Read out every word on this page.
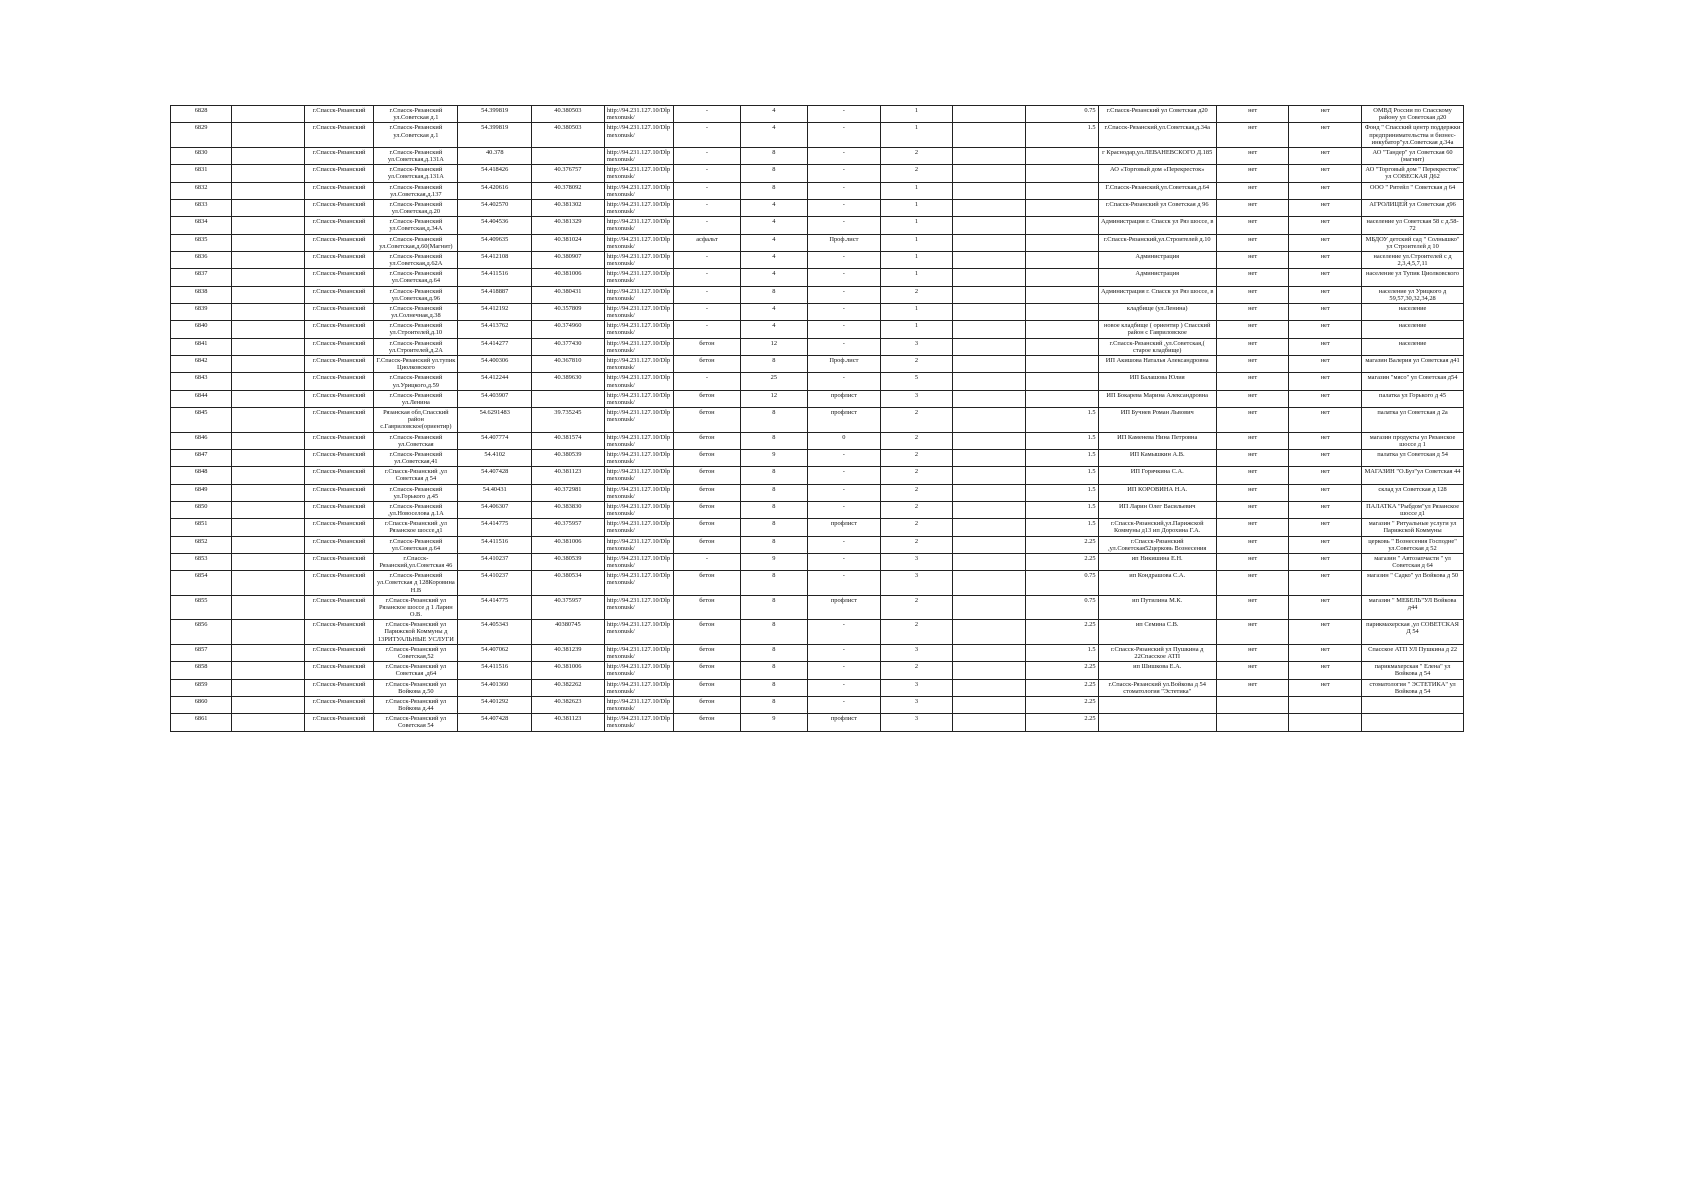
6828		г.Спасск-Рязанский	г.Спасск-Рязанский ул.Советская д.1	54.399819	40.380503	http://94.231.127.10/Dlpmexonusk/	-	4	-	1		0.75	г.Спасск-Рязанский ул Советская д20	нет	нет	ОМВД России по Спасскому району ул Советская д20
6829		г.Спасск-Рязанский	г.Спасск-Рязанский ул.Советская д.1	54.399819	40.380503	http://94.231.127.10/Dlpmexonusk/	-	4	-	1		1.5	г.Спасск-Рязанский,ул.Советская,д.34а	нет	нет	Фонд " Спасский центр поддержки предпринимательства и бизнес-инкубатор"ул.Советская д.34а
6830		г.Спасск-Рязанский	г.Спасск-Рязанский ул.Советская,д.131А	40.378		http://94.231.127.10/Dlpmexonusk/	-	8	-	2			г Краснодар,ул.ЛЕВАНЕВСКОГО Д.185	нет	нет	АО "Тандер" ул Советская 60 (магнит)
6831		г.Спасск-Рязанский	г.Спасск-Рязанский ул.Советская,д.131А	54.418426	40.376757	http://94.231.127.10/Dlpmexonusk/	-	8	-	2			АО «Торговый дом «Перекресток»	нет	нет	АО "Торговый дом " Перекресток" ул СОВЕСКАЯ Д62
6832		г.Спасск-Рязанский	г.Спасск-Рязанский ул.Советская,д.137	54.420616	40.378092	http://94.231.127.10/Dlpmexonusk/	-	8	-	1			Г.Спасск-Рязанский,ул.Советская,д.64	нет	нет	ООО " Ритейл " Советская д 64
6833		г.Спасск-Рязанский	г.Спасск-Рязанский ул.Советская,д.20	54.402570	40.381302	http://94.231.127.10/Dlpmexonusk/	-	4	-	1			г.Спасск-Рязанский ул Советская д 96	нет	нет	АГРОЛИЦЕЙ ул Советская д96
6834		г.Спасск-Рязанский	г.Спасск-Рязанский ул.Советская,д.34А	54.404536	40.381329	http://94.231.127.10/Dlpmexonusk/	-	4	-	1			Администрация г. Спасск ул Ряз шоссе, в	нет	нет	население ул Советская 58 с д.58-72
6835		г.Спасск-Рязанский	г.Спасск-Рязанский ул.Советская,д.60(Магнит)	54.409635	40.381024	http://94.231.127.10/Dlpmexonusk/	асфальт	4	Проф.лист	1			г.Спасск-Рязанский,ул.Строителей д.10	нет	нет	МБДОУ детский сад " Солнышко" ул Строителей д 10
6836		г.Спасск-Рязанский	г.Спасск-Рязанский ул.Советская,д.62А	54.412108	40.380907	http://94.231.127.10/Dlpmexonusk/	-	4	-	1			Администрация	нет	нет	население ул.Строителей с д 2,3,4,5,7,11
6837		г.Спасск-Рязанский	г.Спасск-Рязанский ул.Советская,д.64	54.411516	40.381006	http://94.231.127.10/Dlpmexonusk/	-	4	-	1			Администрация	нет	нет	население ул Тупик Циолковского
6838		г.Спасск-Рязанский	г.Спасск-Рязанский ул.Советская,д.96	54.418887	40.380431	http://94.231.127.10/Dlpmexonusk/	-	8	-	2			Администрация г. Спасск ул Ряз шоссе, в	нет	нет	население ул Урицкого д 59,57,30,32,34,28
6839		г.Спасск-Рязанский	г.Спасск-Рязанский ул.Солнечная,д.38	54.412192	40.357809	http://94.231.127.10/Dlpmexonusk/	-	4	-	1			кладбище (ул.Ленина)	нет	нет	население
6840		г.Спасск-Рязанский	г.Спасск-Рязанский ул.Строителей,д.10	54.413762	40.374960	http://94.231.127.10/Dlpmexonusk/	-	4	-	1			новое кладбище ( ориентир ) Спасский район с Гавриловское	нет	нет	население
6841		г.Спасск-Рязанский	г.Спасск-Рязанский ул.Строителей,д.2А	54.414277	40.377430	http://94.231.127.10/Dlpmexonusk/	бетон	12	-	3			г.Спасск-Рязанский ,ул.Советская,( старое кладбище)	нет	нет	население
6842		г.Спасск-Рязанский	Г.Спасск-Рязанский ул.тупик Циолковского	54.400306	40.367810	http://94.231.127.10/Dlpmexonusk/	бетон	8	Проф.лист	2			ИП Акишова Наталья Александровна	нет	нет	магазин Валерия ул Советская д41
6843		г.Спасск-Рязанский	г.Спасск-Рязанский ул.Урицкого,д.59	54.412244	40.389630	http://94.231.127.10/Dlpmexonusk/	-	25	-	5			ИП Балашова Юлия	нет	нет	магазин "мясо" ул Советская д54
6844		г.Спасск-Рязанский	г.Спасск-Рязанский ул.Ленина	54.403907		http://94.231.127.10/Dlpmexonusk/	бетон	12	профлист	3			ИП Бокарева Марина Александровна	нет	нет	палатка ул Горького д 45
6845		г.Спасск-Рязанский	Рязанская обл,Спасский район с.Гавриловское(ориентир)	54.6291483	39.735245	http://94.231.127.10/Dlpmexonusk/	бетон	8	профлист	2		1.5	ИП Бучнев Роман Львович	нет	нет	палатка ул Советская д 2а
6846		г.Спасск-Рязанский	г.Спасск-Рязанский ул.Советская	54.407774	40.381574	http://94.231.127.10/Dlpmexonusk/	бетон	8	0	2		1.5	ИП Каменева Нина Петровна	нет	нет	магазин продукты ул Рязанское шоссе д 1
6847		г.Спасск-Рязанский	г.Спасск-Рязанский ул.Советская,41	54.4102	40.380539	http://94.231.127.10/Dlpmexonusk/	бетон	9	-	2		1.5	ИП Камышкин А.В.	нет	нет	палатка ул Советская д 54
6848		г.Спасск-Рязанский	г.Спасск-Рязанский ,ул Советская д 54	54.407428	40.381123	http://94.231.127.10/Dlpmexonusk/	бетон	8	-	2		1.5	ИП Горячкина С.А.	нет	нет	МАГАЗИН "О.Буз"ул Советская 44
6849		г.Спасск-Рязанский	г.Спасск-Рязанский ул.Горького д.45	54.40431	40.372981	http://94.231.127.10/Dlpmexonusk/	бетон	8	-	2		1.5	ИП КОРОВИНА Н.А.	нет	нет	склад ул Советская д 128
6850		г.Спасск-Рязанский	г.Спасск-Рязанский ,ул.Новоселова д.1А	54.406307	40.383830	http://94.231.127.10/Dlpmexonusk/	бетон	8	-	2		1.5	ИП Ларин Олег Васильевич	нет	нет	ПАЛАТКА "Рыбдом"ул Рязанское шоссе д1
6851		г.Спасск-Рязанский	г.Спасск-Рязанский ,ул Рязанское шоссе,д1	54.414775	40.375957	http://94.231.127.10/Dlpmexonusk/	бетон	8	профлист	2		1.5	г.Спасск-Рязанский,ул.Парижской Коммуны д13 ип Дорохина Г.А.	нет	нет	магазин " Ритуальные услуги ул Парижской Коммуны
6852		г.Спасск-Рязанский	г.Спасск-Рязанский ул.Советская д.64	54.411516	40.381006	http://94.231.127.10/Dlpmexonusk/	бетон	8	-	2		2.25	г.Спасск-Рязанский ,ул.Советская52церковь Вознесения	нет	нет	церковь " Вознесения Господне" ул.Советская д 52
6853		г.Спасск-Рязанский	г.Спасск-Рязанский,ул.Советская 46	54.410237	40.380539	http://94.231.127.10/Dlpmexonusk/	-	9	-	3		2.25	ип Никишина Е.Н.	нет	нет	магазин " Автозапчасти " ул Советская д 64
6854		г.Спасск-Рязанский	г.Спасск-Рязанский ул.Советская д 128Коровина Н.В	54.410237	40.380534	http://94.231.127.10/Dlpmexonusk/	бетон	8	-	3		0.75	ип Кондрашова С.А.	нет	нет	магазин " Садко" ул Войкова д 50
6855		г.Спасск-Рязанский	г.Спасск-Рязанский ул Рязанское шоссе д 1 Ларин О.В.	54.414775	40.375957	http://94.231.127.10/Dlpmexonusk/	бетон	8	профлист	2		0.75	ип Путилина М.К.	нет	нет	магазин " МЕБЕЛЬ"УЛ Войкова д44
6856		г.Спасск-Рязанский	г.Спасск-Рязанский ул Парижской Коммуны д 13РИТУАЛЬНЫЕ УСЛУГИ	54.405343	40380745	http://94.231.127.10/Dlpmexonusk/	бетон	8	-	2		2.25	ип Семина С.В.	нет	нет	парикмахерская ,ул СОВЕТСКАЯ Д 54
6857		г.Спасск-Рязанский	г.Спасск-Рязанский ул Советская,52	54.407062	40.381239	http://94.231.127.10/Dlpmexonusk/	бетон	8	-	3		1.5	г.Спасск-Рязанский ул Пушкина д 22Спасское АТП	нет	нет	Спасское АТП УЛ Пушкина д 22
6858		г.Спасск-Рязанский	г.Спасск-Рязанский ул Советская ,д64	54.411516	40.381006	http://94.231.127.10/Dlpmexonusk/	бетон	8	-	2		2.25	ип Шишкова Е.А.	нет	нет	парикмахерская " Елена" ул Войкова д 54
6859		г.Спасск-Рязанский	г.Спасск-Рязанский ул Войкова д.50	54.401360	40.382262	http://94.231.127.10/Dlpmexonusk/	бетон	8	-	3		2.25	г.Спасск-Рязанский ул.Войкова д 54 стоматология "Эстетика"	нет	нет	стоматология " ЭСТЕТИКА" ул Войкова д 54
6860		г.Спасск-Рязанский	г.Спасск-Рязанский ул Войкова д.44	54.401292	40.382623	http://94.231.127.10/Dlpmexonusk/	бетон	8	-	3		2.25				
6861		г.Спасск-Рязанский	г.Спасск-Рязанский ул Советская 54	54.407428	40.381123	http://94.231.127.10/Dlpmexonusk/	бетон	9	профлист	3		2.25				
